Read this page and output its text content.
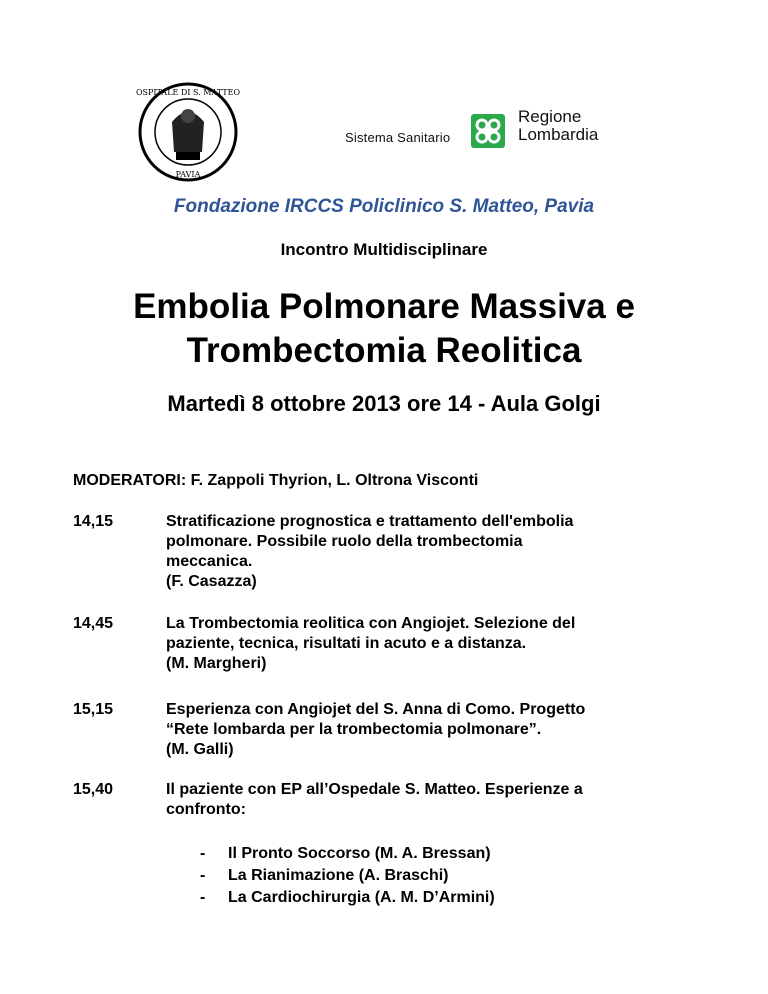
OSPITALE DI S. MATTEO
PAVIA
Sistema Sanitario
Regione
Lombardia
Fondazione IRCCS Policlinico S. Matteo, Pavia
Incontro Multidisciplinare
Embolia Polmonare Massiva e
Trombectomia Reolitica
Martedì 8 ottobre 2013 ore 14 - Aula Golgi
MODERATORI: F. Zappoli Thyrion, L. Oltrona Visconti
14,15	Stratificazione prognostica e trattamento dell'embolia
polmonare. Possibile ruolo della trombectomia
meccanica.
(F. Casazza)
14,45	La Trombectomia reolitica con Angiojet. Selezione del
paziente, tecnica, risultati in acuto e a distanza.
(M. Margheri)
15,15	Esperienza con Angiojet del S. Anna di Como. Progetto
“Rete lombarda per la trombectomia polmonare”.
(M. Galli)
15,40	Il paziente con EP all’Ospedale S. Matteo. Esperienze a
confronto:
- Il Pronto Soccorso (M. A. Bressan)
- La Rianimazione (A. Braschi)
- La Cardiochirurgia (A. M. D’Armini)
